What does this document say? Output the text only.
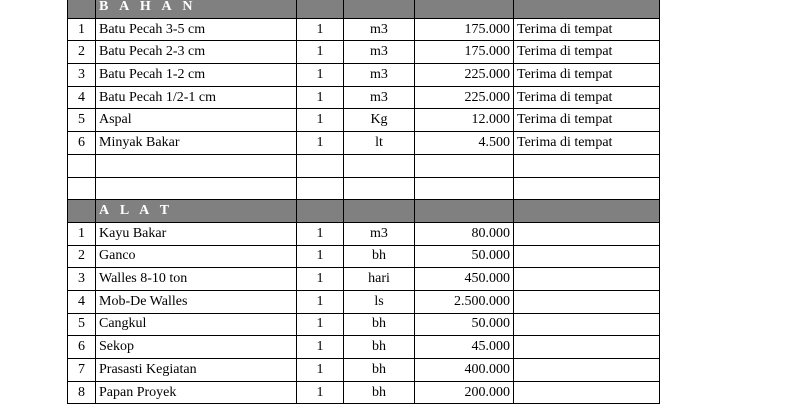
	B A H A N				
1	Batu Pecah 3-5 cm	1	m3	175.000	Terima di tempat
2	Batu Pecah 2-3 cm	1	m3	175.000	Terima di tempat
3	Batu Pecah 1-2 cm	1	m3	225.000	Terima di tempat
4	Batu Pecah 1/2-1 cm	1	m3	225.000	Terima di tempat
5	Aspal	1	Kg	12.000	Terima di tempat
6	Minyak Bakar	1	lt	4.500	Terima di tempat

	A L A T				
1	Kayu Bakar	1	m3	80.000	
2	Ganco	1	bh	50.000	
3	Walles 8-10 ton	1	hari	450.000	
4	Mob-De Walles	1	ls	2.500.000	
5	Cangkul	1	bh	50.000	
6	Sekop	1	bh	45.000	
7	Prasasti Kegiatan	1	bh	400.000	
8	Papan Proyek	1	bh	200.000	
